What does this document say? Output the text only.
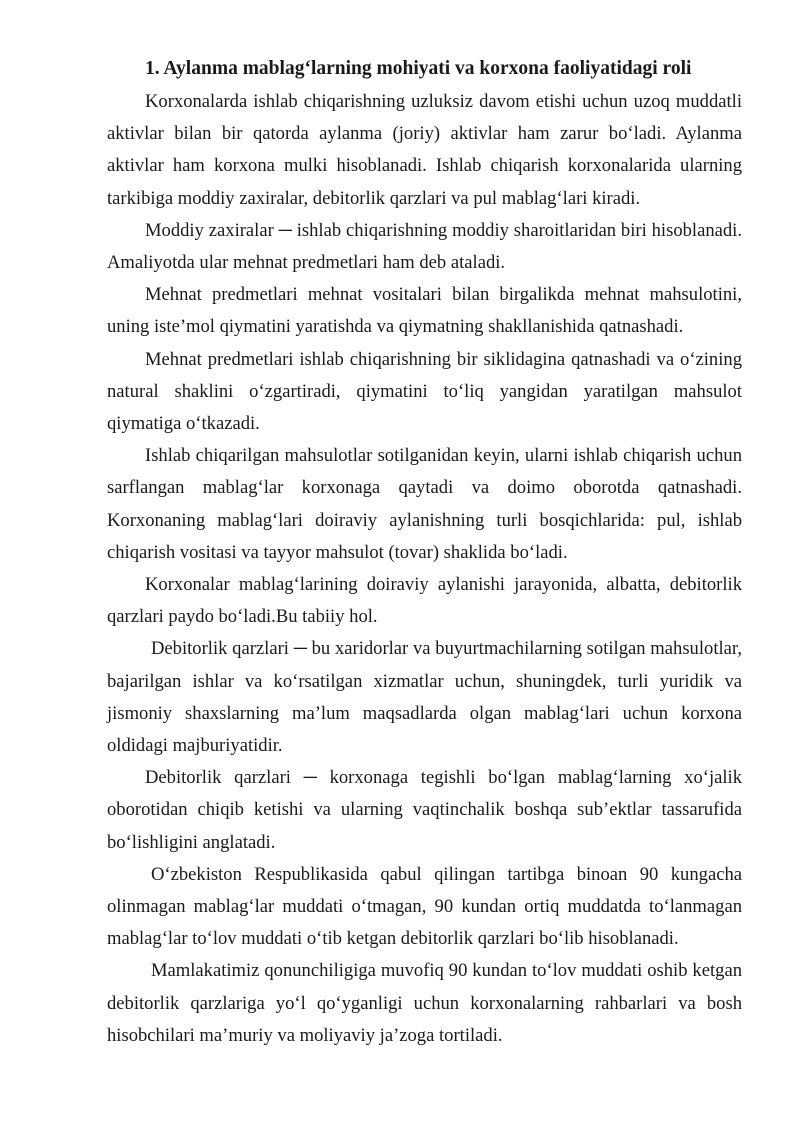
1. Aylanma mablag‘larning mohiyati va korxona faoliyatidagi roli

Korxonalarda ishlab chiqarishning uzluksiz davom etishi uchun uzoq muddatli aktivlar bilan bir qatorda aylanma (joriy) aktivlar ham zarur bo‘ladi. Aylanma aktivlar ham korxona mulki hisoblanadi. Ishlab chiqarish korxonalarida ularning tarkibiga moddiy zaxiralar, debitorlik qarzlari va pul mablag‘lari kiradi.

Moddiy zaxiralar ─ ishlab chiqarishning moddiy sharoitlaridan biri hisoblanadi. Amaliyotda ular mehnat predmetlari ham deb ataladi.

Mehnat predmetlari mehnat vositalari bilan birgalikda mehnat mahsulotini, uning iste’mol qiymatini yaratishda va qiymatning shakllanishida qatnashadi.

Mehnat predmetlari ishlab chiqarishning bir siklidagina qatnashadi va o‘zining natural shaklini o‘zgartiradi, qiymatini to‘liq yangidan yaratilgan mahsulot qiymatiga o‘tkazadi.

Ishlab chiqarilgan mahsulotlar sotilganidan keyin, ularni ishlab chiqarish uchun sarflangan mablag‘lar korxonaga qaytadi va doimo oborotda qatnashadi. Korxonaning mablag‘lari doiraviy aylanishning turli bosqichlarida: pul, ishlab chiqarish vositasi va tayyor mahsulot (tovar) shaklida bo‘ladi.

Korxonalar mablag‘larining doiraviy aylanishi jarayonida, albatta, debitorlik qarzlari paydo bo‘ladi.Bu tabiiy hol.

Debitorlik qarzlari ─ bu xaridorlar va buyurtmachilarning sotilgan mahsulotlar, bajarilgan ishlar va ko‘rsatilgan xizmatlar uchun, shuningdek, turli yuridik va jismoniy shaxslarning ma’lum maqsadlarda olgan mablag‘lari uchun korxona oldidagi majburiyatidir.

Debitorlik qarzlari ─ korxonaga tegishli bo‘lgan mablag‘larning xo‘jalik oborotidan chiqib ketishi va ularning vaqtinchalik boshqa sub’ektlar tassarufida bo‘lishligini anglatadi.

O‘zbekiston Respublikasida qabul qilingan tartibga binoan 90 kungacha olinmagan mablag‘lar muddati o‘tmagan, 90 kundan ortiq muddatda to‘lanmagan mablag‘lar to‘lov muddati o‘tib ketgan debitorlik qarzlari bo‘lib hisoblanadi.

Mamlakatimiz qonunchiligiga muvofiq 90 kundan to‘lov muddati oshib ketgan debitorlik qarzlariga yo‘l qo‘yganligi uchun korxonalarning rahbarlari va bosh hisobchilari ma’muriy va moliyaviy ja’zoga tortiladi.
